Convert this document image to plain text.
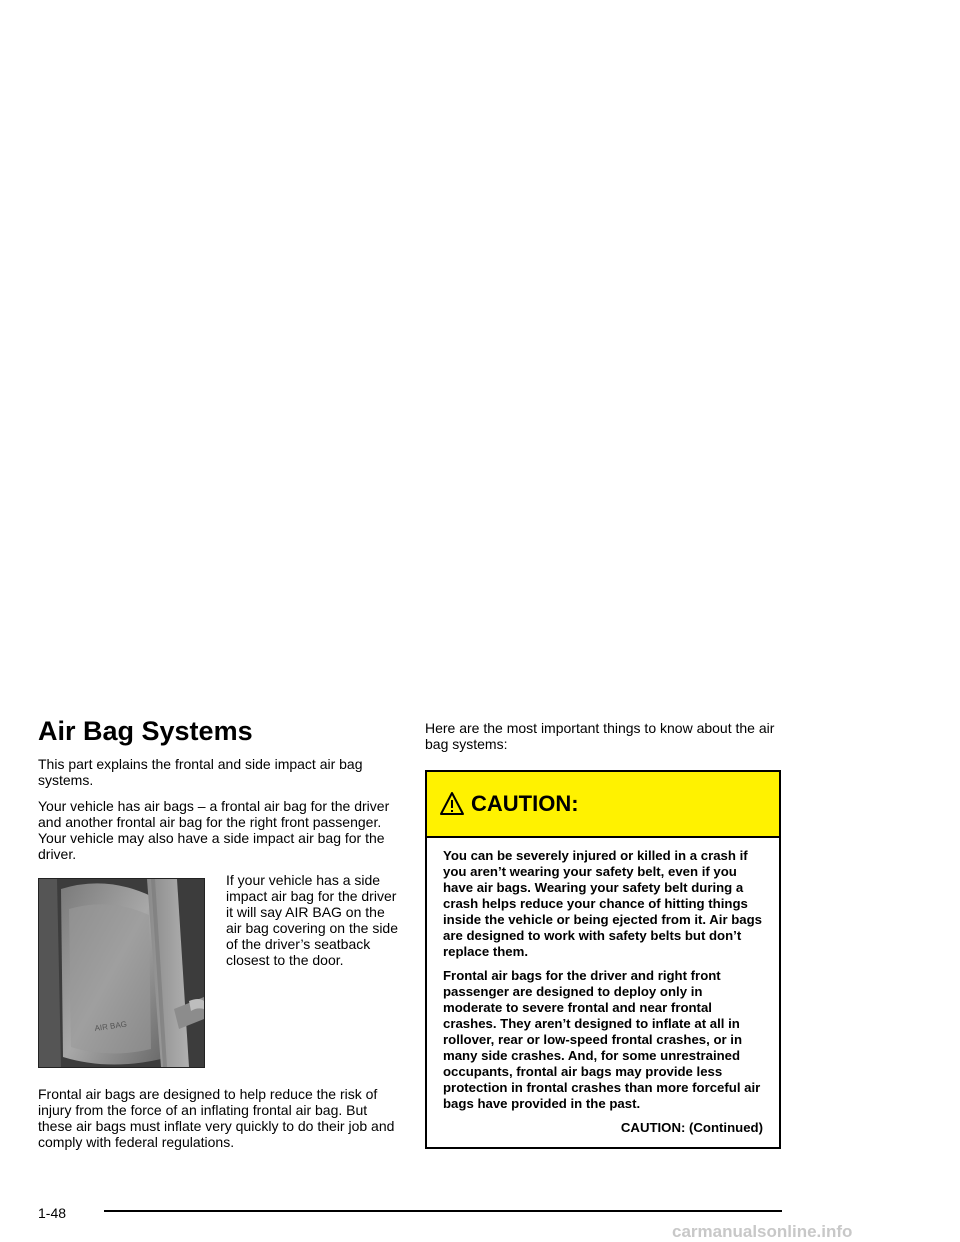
Air Bag Systems

This part explains the frontal and side impact air bag systems.

Your vehicle has air bags – a frontal air bag for the driver and another frontal air bag for the right front passenger. Your vehicle may also have a side impact air bag for the driver.

AIR BAG
If your vehicle has a side impact air bag for the driver it will say AIR BAG on the air bag covering on the side of the driver’s seatback closest to the door.

Frontal air bags are designed to help reduce the risk of injury from the force of an inflating frontal air bag. But these air bags must inflate very quickly to do their job and comply with federal regulations.

Here are the most important things to know about the air bag systems:

CAUTION:

You can be severely injured or killed in a crash if you aren’t wearing your safety belt, even if you have air bags. Wearing your safety belt during a crash helps reduce your chance of hitting things inside the vehicle or being ejected from it. Air bags are designed to work with safety belts but don’t replace them.

Frontal air bags for the driver and right front passenger are designed to deploy only in moderate to severe frontal and near frontal crashes. They aren’t designed to inflate at all in rollover, rear or low-speed frontal crashes, or in many side crashes. And, for some unrestrained occupants, frontal air bags may provide less protection in frontal crashes than more forceful air bags have provided in the past.

CAUTION: (Continued)

1-48
carmanualsonline.info
